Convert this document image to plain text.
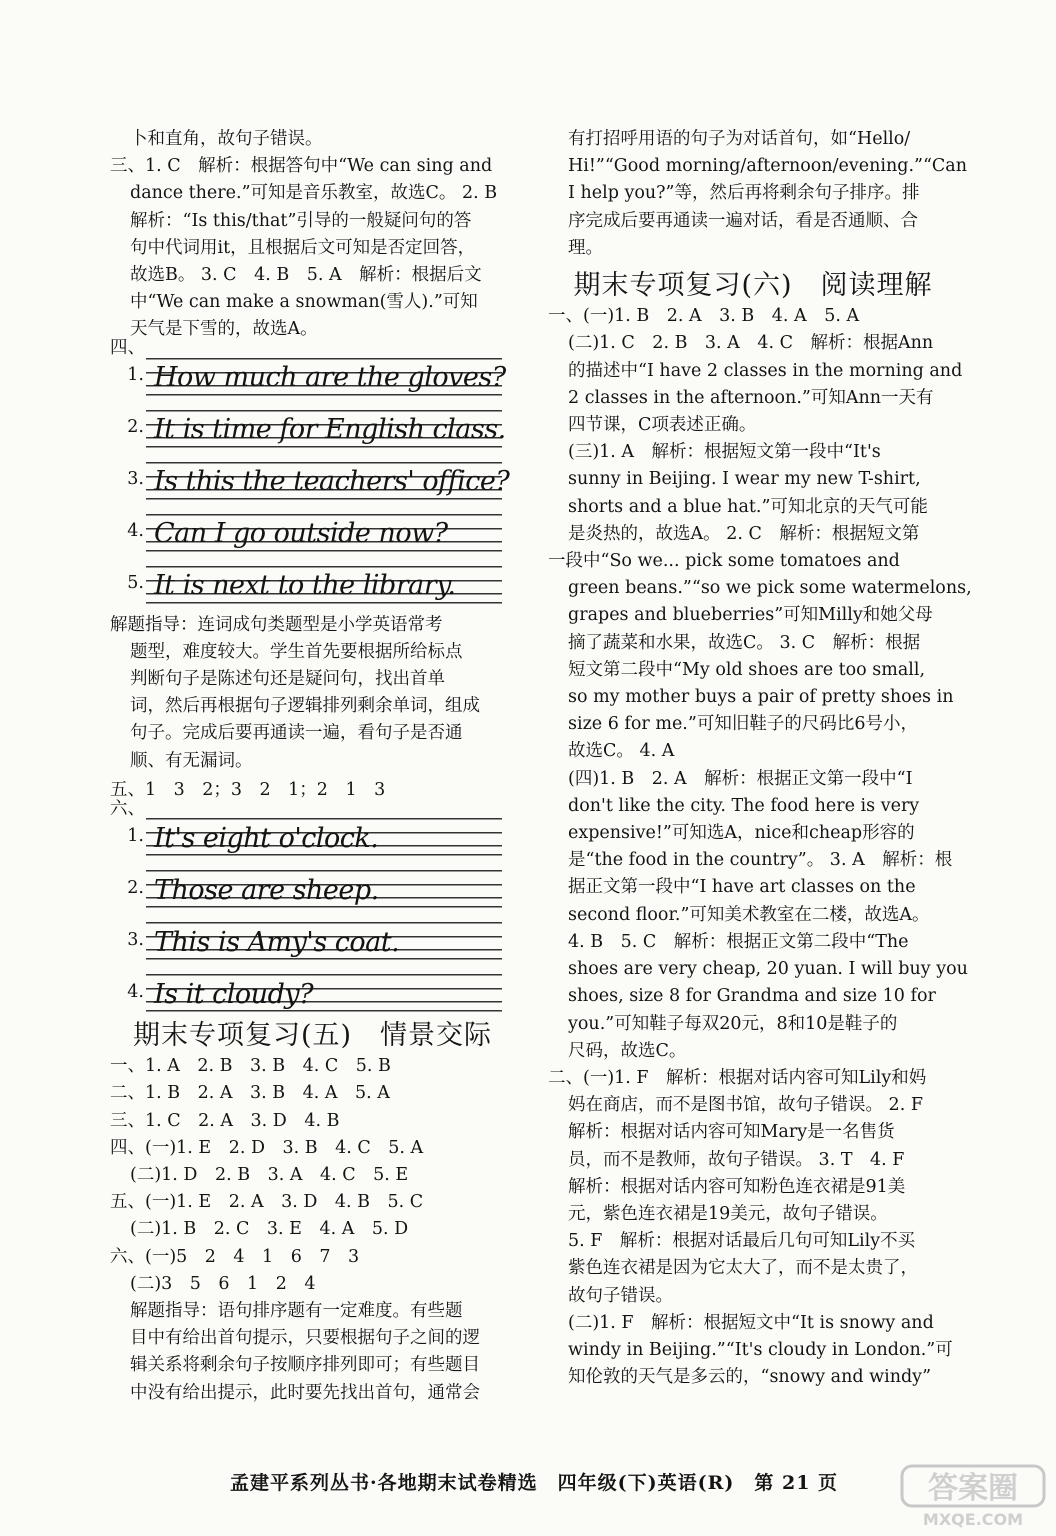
卜和直角，故句子错误。
三、1. C　解析：根据答句中“We can sing and
dance there.”可知是音乐教室，故选C。 2. B
解析：“Is this/that”引导的一般疑问句的答
句中代词用it，且根据后文可知是否定回答，
故选B。 3. C　4. B　5. A　解析：根据后文
中“We can make a snowman(雪人).”可知
天气是下雪的，故选A。
四、1. How much are the gloves?
2. It is time for English class.
3. Is this the teachers' office?
4. Can I go outside now?
5. It is next to the library.
解题指导：连词成句类题型是小学英语常考
题型，难度较大。学生首先要根据所给标点
判断句子是陈述句还是疑问句，找出首单
词，然后再根据句子逻辑排列剩余单词，组成
句子。完成后要再通读一遍，看句子是否通
顺、有无漏词。
五、1　3　2；3　2　1；2　1　3
六、1. It's eight o'clock.
2. Those are sheep.
3. This is Amy's coat.
4. Is it cloudy?
期末专项复习(五)　情景交际
一、1. A　2. B　3. B　4. C　5. B
二、1. B　2. A　3. B　4. A　5. A
三、1. C　2. A　3. D　4. B
四、(一)1. E　2. D　3. B　4. C　5. A
(二)1. D　2. B　3. A　4. C　5. E
五、(一)1. E　2. A　3. D　4. B　5. C
(二)1. B　2. C　3. E　4. A　5. D
六、(一)5　2　4　1　6　7　3
(二)3　5　6　1　2　4
解题指导：语句排序题有一定难度。有些题
目中有给出首句提示，只要根据句子之间的逻
辑关系将剩余句子按顺序排列即可；有些题目
中没有给出提示，此时要先找出首句，通常会
有打招呼用语的句子为对话首句，如“Hello/
Hi!”“Good morning/afternoon/evening.”“Can
I help you?”等，然后再将剩余句子排序。排
序完成后要再通读一遍对话，看是否通顺、合
理。
期末专项复习(六)　阅读理解
一、(一)1. B　2. A　3. B　4. A　5. A
(二)1. C　2. B　3. A　4. C　解析：根据Ann
的描述中“I have 2 classes in the morning and
2 classes in the afternoon.”可知Ann一天有
四节课，C项表述正确。
(三)1. A　解析：根据短文第一段中“It's
sunny in Beijing. I wear my new T-shirt,
shorts and a blue hat.”可知北京的天气可能
是炎热的，故选A。 2. C　解析：根据短文第
一段中“So we... pick some tomatoes and
green beans.”“so we pick some watermelons,
grapes and blueberries”可知Milly和她父母
摘了蔬菜和水果，故选C。 3. C　解析：根据
短文第二段中“My old shoes are too small,
so my mother buys a pair of pretty shoes in
size 6 for me.”可知旧鞋子的尺码比6号小，
故选C。 4. A
(四)1. B　2. A　解析：根据正文第一段中“I
don't like the city. The food here is very
expensive!”可知选A，nice和cheap形容的
是“the food in the country”。 3. A　解析：根
据正文第一段中“I have art classes on the
second floor.”可知美术教室在二楼，故选A。
4. B　5. C　解析：根据正文第二段中“The
shoes are very cheap, 20 yuan. I will buy you
shoes, size 8 for Grandma and size 10 for
you.”可知鞋子每双20元，8和10是鞋子的
尺码，故选C。
二、(一)1. F　解析：根据对话内容可知Lily和妈
妈在商店，而不是图书馆，故句子错误。 2. F
解析：根据对话内容可知Mary是一名售货
员，而不是教师，故句子错误。 3. T　4. F
解析：根据对话内容可知粉色连衣裙是91美
元，紫色连衣裙是19美元，故句子错误。
5. F　解析：根据对话最后几句可知Lily不买
紫色连衣裙是因为它太大了，而不是太贵了，
故句子错误。
(二)1. F　解析：根据短文中“It is snowy and
windy in Beijing.”“It's cloudy in London.”可
知伦敦的天气是多云的，“snowy and windy”
孟建平系列丛书·各地期末试卷精选　四年级(下)英语(R)　第 21 页	答案圈
MXQE.COM
